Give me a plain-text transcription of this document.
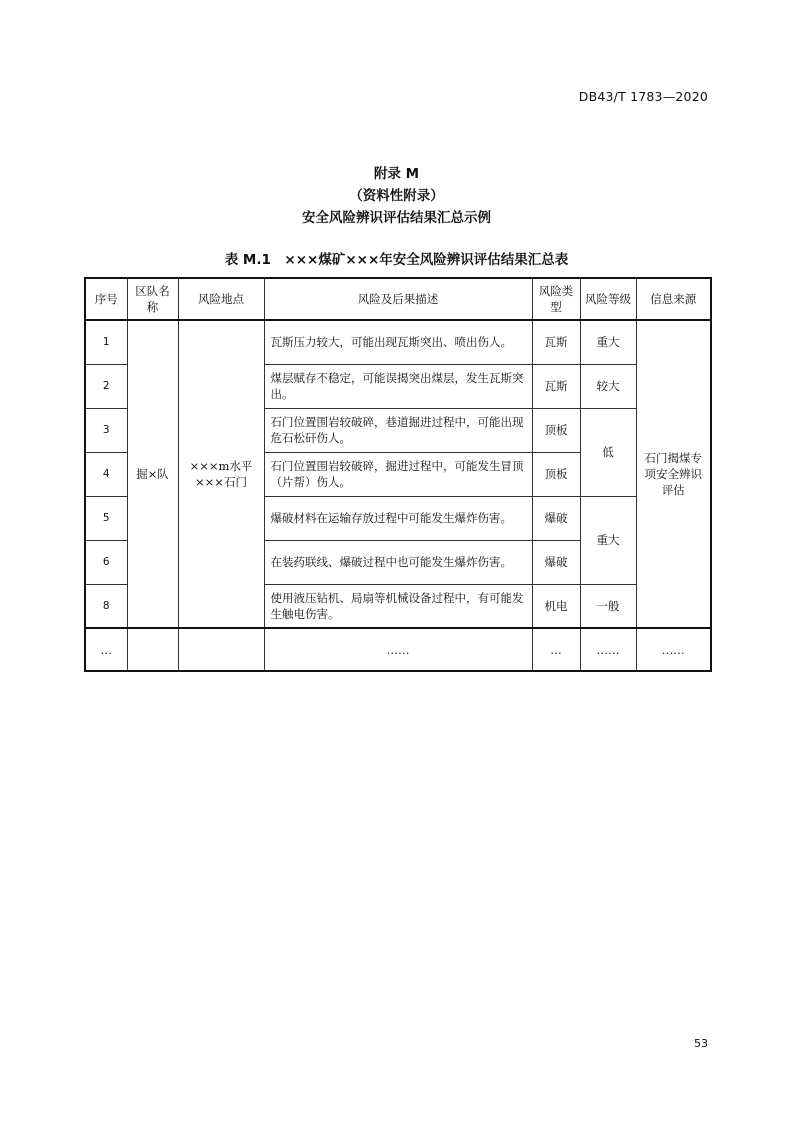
DB43/T 1783—2020
附录 M
（资料性附录）
安全风险辨识评估结果汇总示例
表 M.1　×××煤矿×××年安全风险辨识评估结果汇总表
序号	区队名称	风险地点	风险及后果描述	风险类型	风险等级	信息来源
1	掘×队	×××m水平×××石门	瓦斯压力较大，可能出现瓦斯突出、喷出伤人。	瓦斯	重大	石门揭煤专项安全辨识评估
2			煤层赋存不稳定，可能误揭突出煤层，发生瓦斯突出。	瓦斯	较大	
3			石门位置围岩较破碎，巷道掘进过程中，可能出现危石松矸伤人。	顶板	低	
4			石门位置围岩较破碎，掘进过程中，可能发生冒顶（片帮）伤人。	顶板		
5			爆破材料在运输存放过程中可能发生爆炸伤害。	爆破	重大	
6			在装药联线、爆破过程中也可能发生爆炸伤害。	爆破		
8			使用液压钻机、局扇等机械设备过程中，有可能发生触电伤害。	机电	一般	
…			……	…	……	……
53
